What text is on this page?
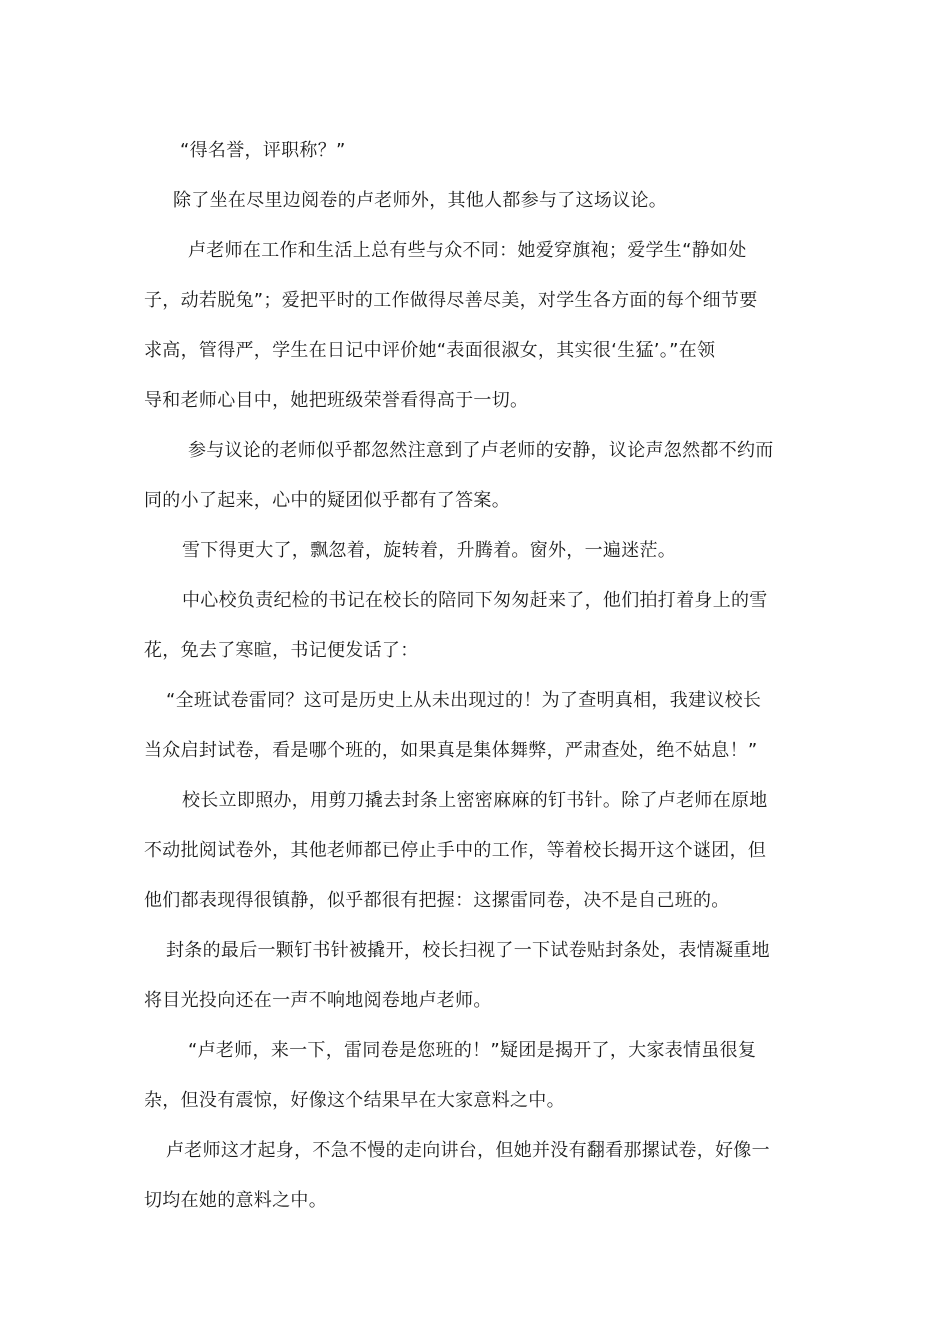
“得名誉，评职称？”
除了坐在尽里边阅卷的卢老师外，其他人都参与了这场议论。
卢老师在工作和生活上总有些与众不同：她爱穿旗袍；爱学生“静如处
子，动若脱兔”；爱把平时的工作做得尽善尽美，对学生各方面的每个细节要
求高，管得严，学生在日记中评价她“表面很淑女，其实很‘生猛’。”在领
导和老师心目中，她把班级荣誉看得高于一切。
参与议论的老师似乎都忽然注意到了卢老师的安静，议论声忽然都不约而
同的小了起来，心中的疑团似乎都有了答案。
雪下得更大了，飘忽着，旋转着，升腾着。窗外，一遍迷茫。
中心校负责纪检的书记在校长的陪同下匆匆赶来了，他们拍打着身上的雪
花，免去了寒暄，书记便发话了：
“全班试卷雷同？这可是历史上从未出现过的！为了查明真相，我建议校长
当众启封试卷，看是哪个班的，如果真是集体舞弊，严肃查处，绝不姑息！”
校长立即照办，用剪刀撬去封条上密密麻麻的钉书针。除了卢老师在原地
不动批阅试卷外，其他老师都已停止手中的工作，等着校长揭开这个谜团，但
他们都表现得很镇静，似乎都很有把握：这摞雷同卷，决不是自己班的。
封条的最后一颗钉书针被撬开，校长扫视了一下试卷贴封条处，表情凝重地
将目光投向还在一声不响地阅卷地卢老师。
“卢老师，来一下，雷同卷是您班的！”疑团是揭开了，大家表情虽很复
杂，但没有震惊，好像这个结果早在大家意料之中。
卢老师这才起身，不急不慢的走向讲台，但她并没有翻看那摞试卷，好像一
切均在她的意料之中。
